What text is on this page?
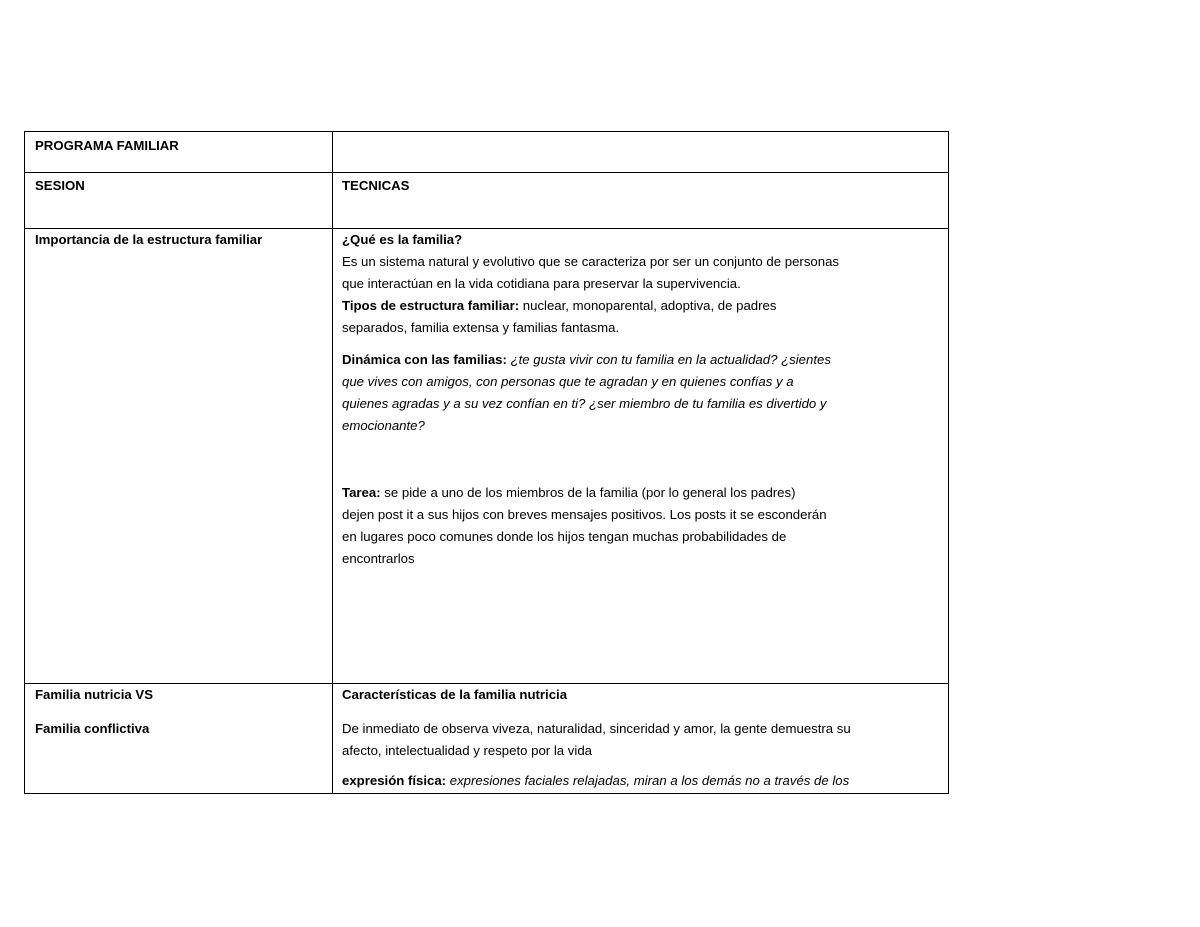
PROGRAMA FAMILIAR
SESION	TECNICAS
Importancia de la estructura familiar	¿Qué es la familia?
Es un sistema natural y evolutivo que se caracteriza por ser un conjunto de personas
que interactúan en la vida cotidiana para preservar la supervivencia.
Tipos de estructura familiar: nuclear, monoparental, adoptiva, de padres
separados, familia extensa y familias fantasma.
Dinámica con las familias: ¿te gusta vivir con tu familia en la actualidad? ¿sientes
que vives con amigos, con personas que te agradan y en quienes confías y a
quienes agradas y a su vez confían en ti? ¿ser miembro de tu familia es divertido y
emocionante?
Tarea: se pide a uno de los miembros de la familia (por lo general los padres)
dejen post it a sus hijos con breves mensajes positivos. Los posts it se esconderán
en lugares poco comunes donde los hijos tengan muchas probabilidades de
encontrarlos
Familia nutricia VS
Familia conflictiva
Características de la familia nutricia
De inmediato de observa viveza, naturalidad, sinceridad y amor, la gente demuestra su
afecto, intelectualidad y respeto por la vida
expresión física: expresiones faciales relajadas, miran a los demás no a través de los
